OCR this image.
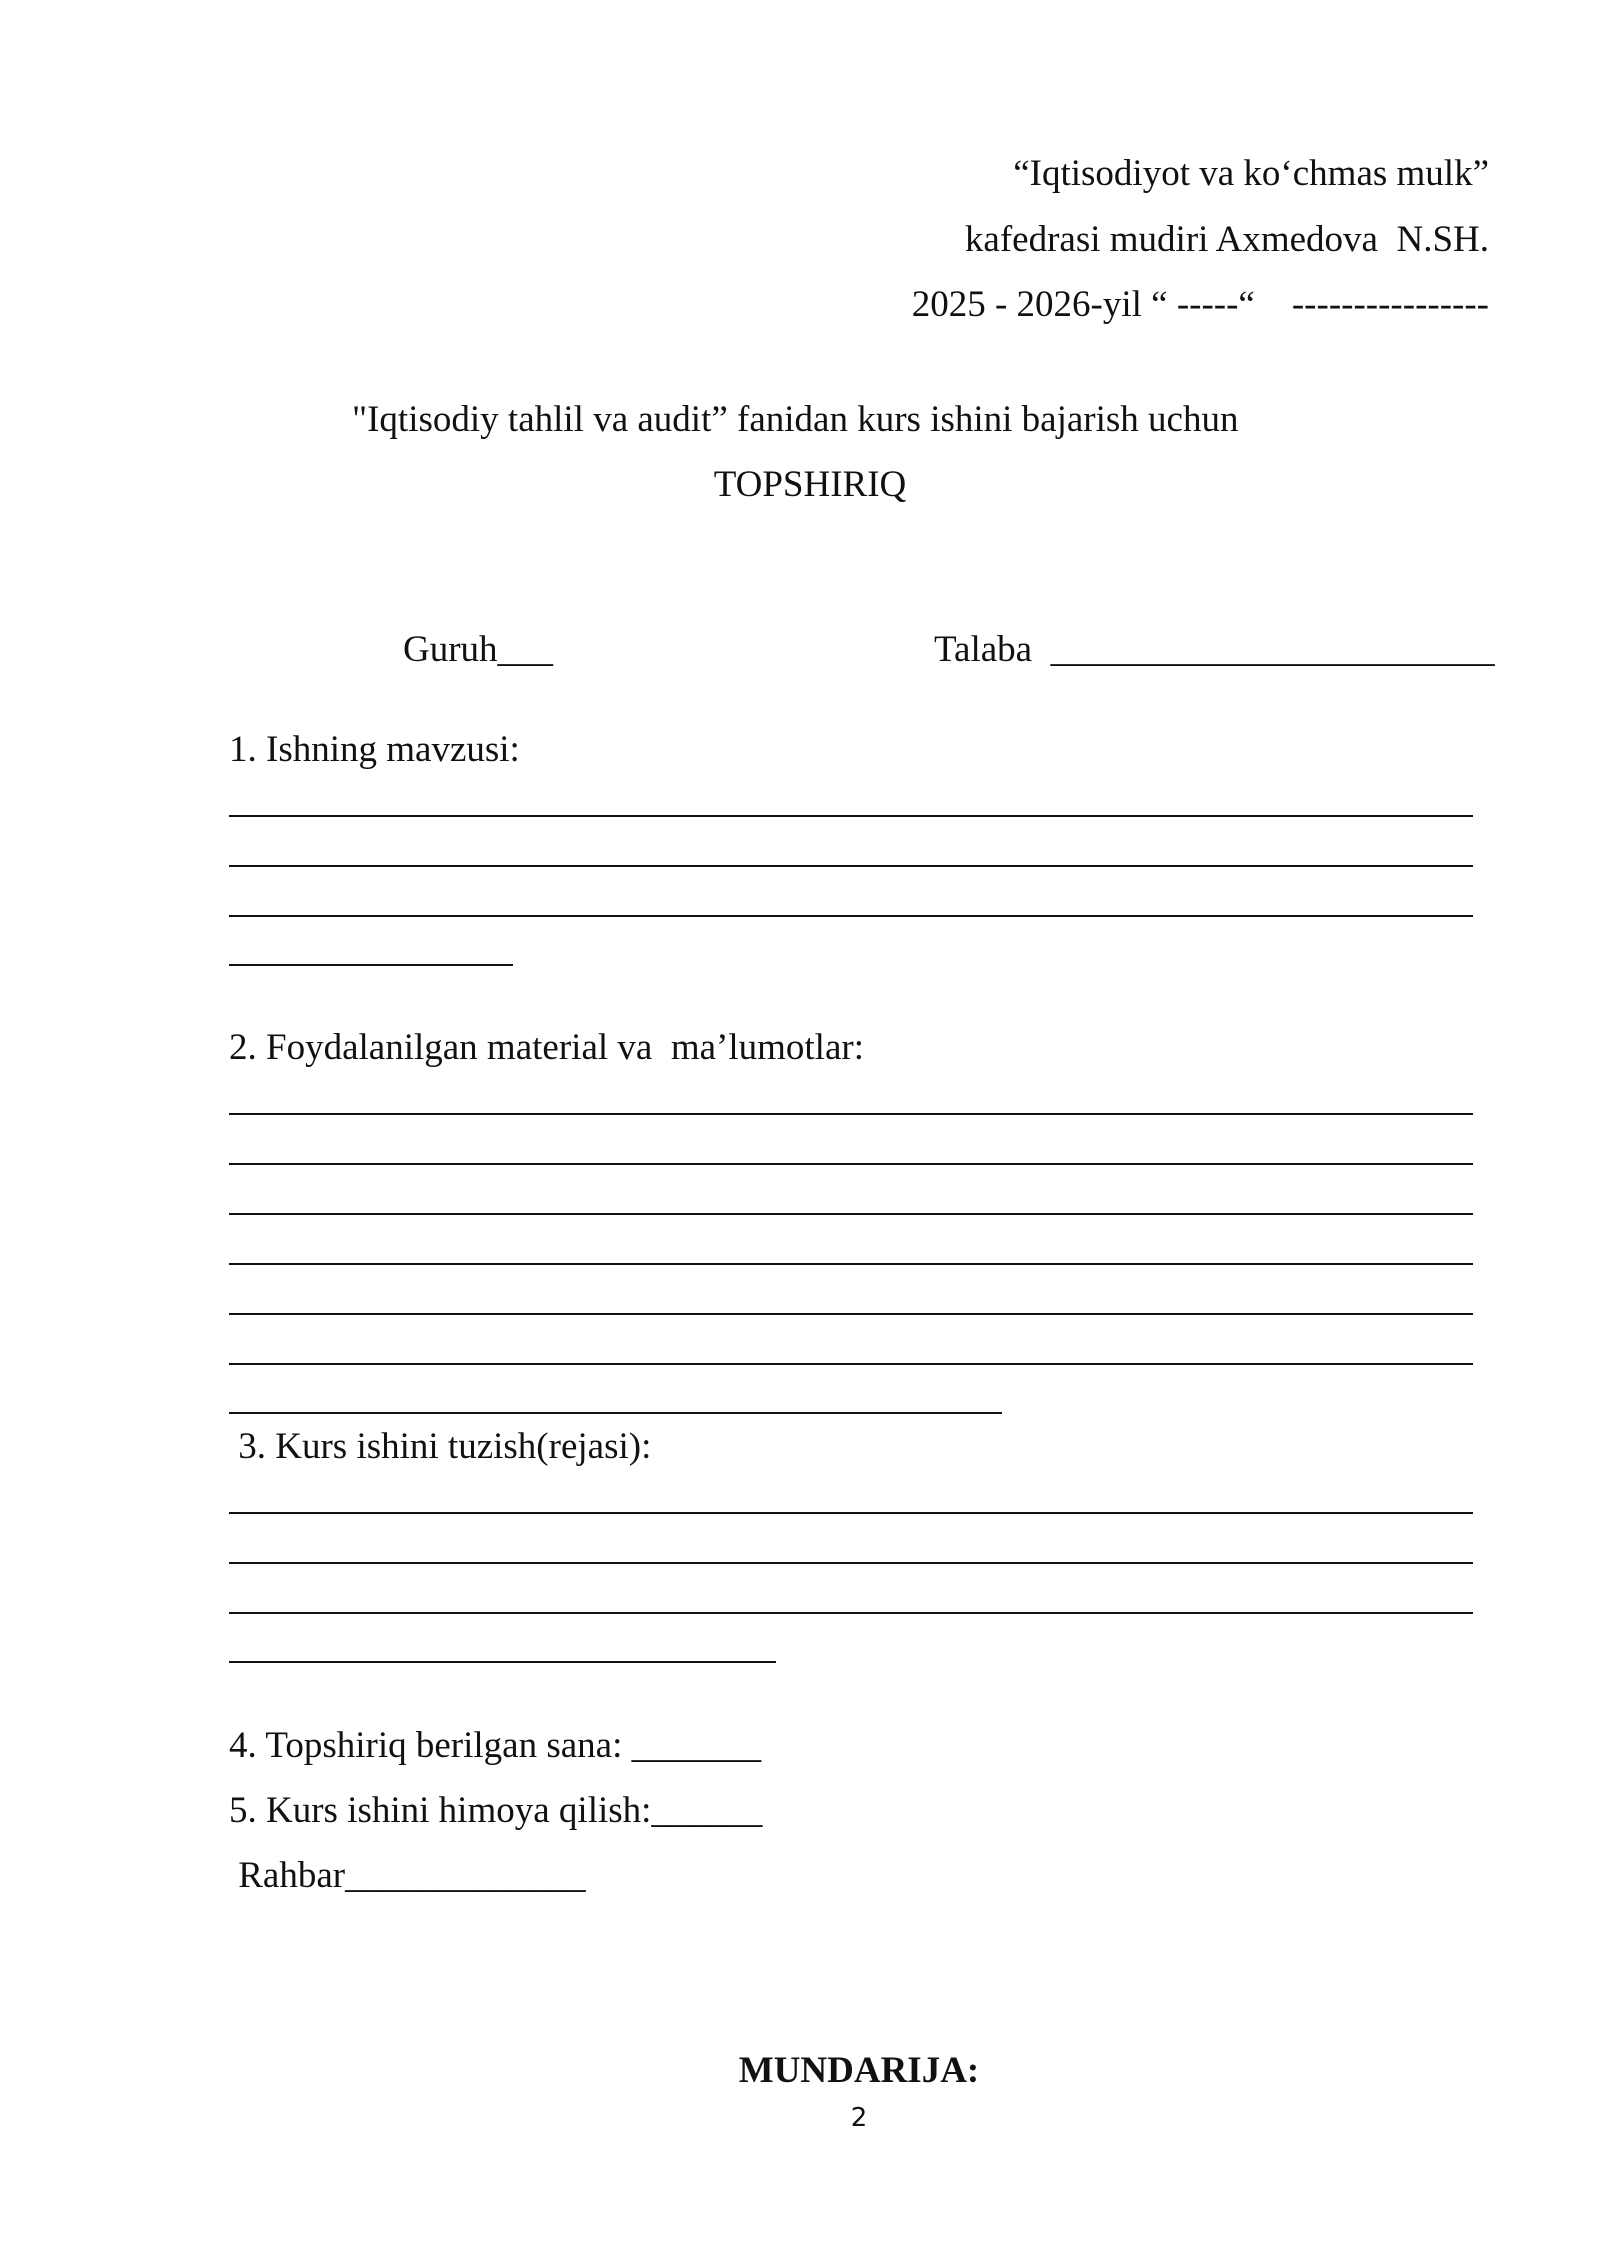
“Iqtisodiyot va ko‘chmas mulk”
kafedrasi mudiri Axmedova  N.SH.
2025 - 2026-yil “ -----“    ----------------
"Iqtisodiy tahlil va audit” fanidan kurs ishini bajarish uchun
TOPSHIRIQ
Guruh___	Talaba  ________________________
1. Ishning mavzusi:
2. Foydalanilgan material va  ma’lumotlar:
3. Kurs ishini tuzish(rejasi):
4. Topshiriq berilgan sana: _______
5. Kurs ishini himoya qilish:______
Rahbar_____________
MUNDARIJA:
2
